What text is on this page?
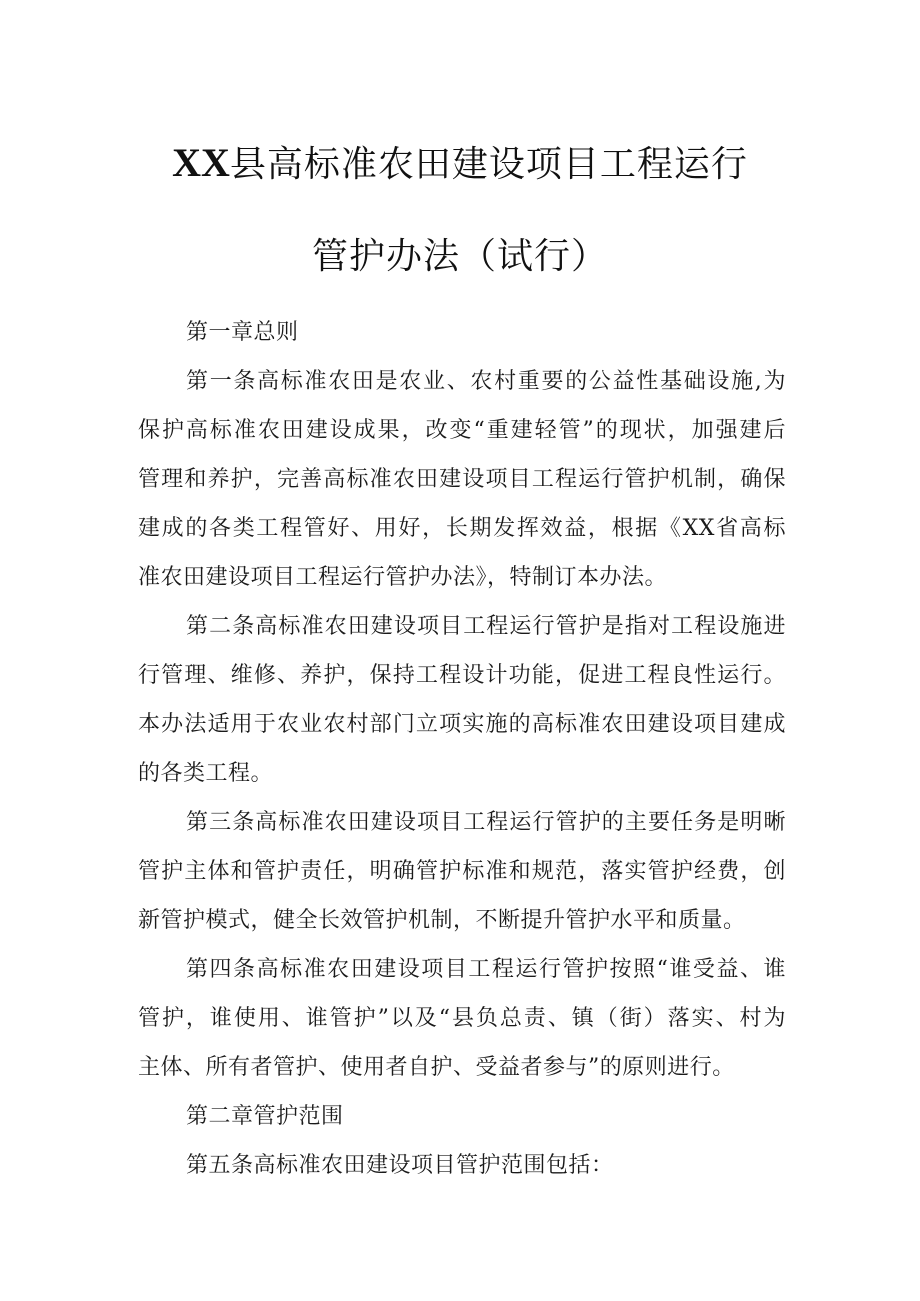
XX县高标准农田建设项目工程运行
管护办法（试行）
第一章总则
第一条高标准农田是农业、农村重要的公益性基础设施,为
保护高标准农田建设成果，改变“重建轻管”的现状，加强建后
管理和养护，完善高标准农田建设项目工程运行管护机制，确保
建成的各类工程管好、用好，长期发挥效益，根据《XX省高标
准农田建设项目工程运行管护办法》，特制订本办法。
第二条高标准农田建设项目工程运行管护是指对工程设施进
行管理、维修、养护，保持工程设计功能，促进工程良性运行。
本办法适用于农业农村部门立项实施的高标准农田建设项目建成
的各类工程。
第三条高标准农田建设项目工程运行管护的主要任务是明晰
管护主体和管护责任，明确管护标准和规范，落实管护经费，创
新管护模式，健全长效管护机制，不断提升管护水平和质量。
第四条高标准农田建设项目工程运行管护按照“谁受益、谁
管护，谁使用、谁管护”以及“县负总责、镇（街）落实、村为
主体、所有者管护、使用者自护、受益者参与”的原则进行。
第二章管护范围
第五条高标准农田建设项目管护范围包括：
